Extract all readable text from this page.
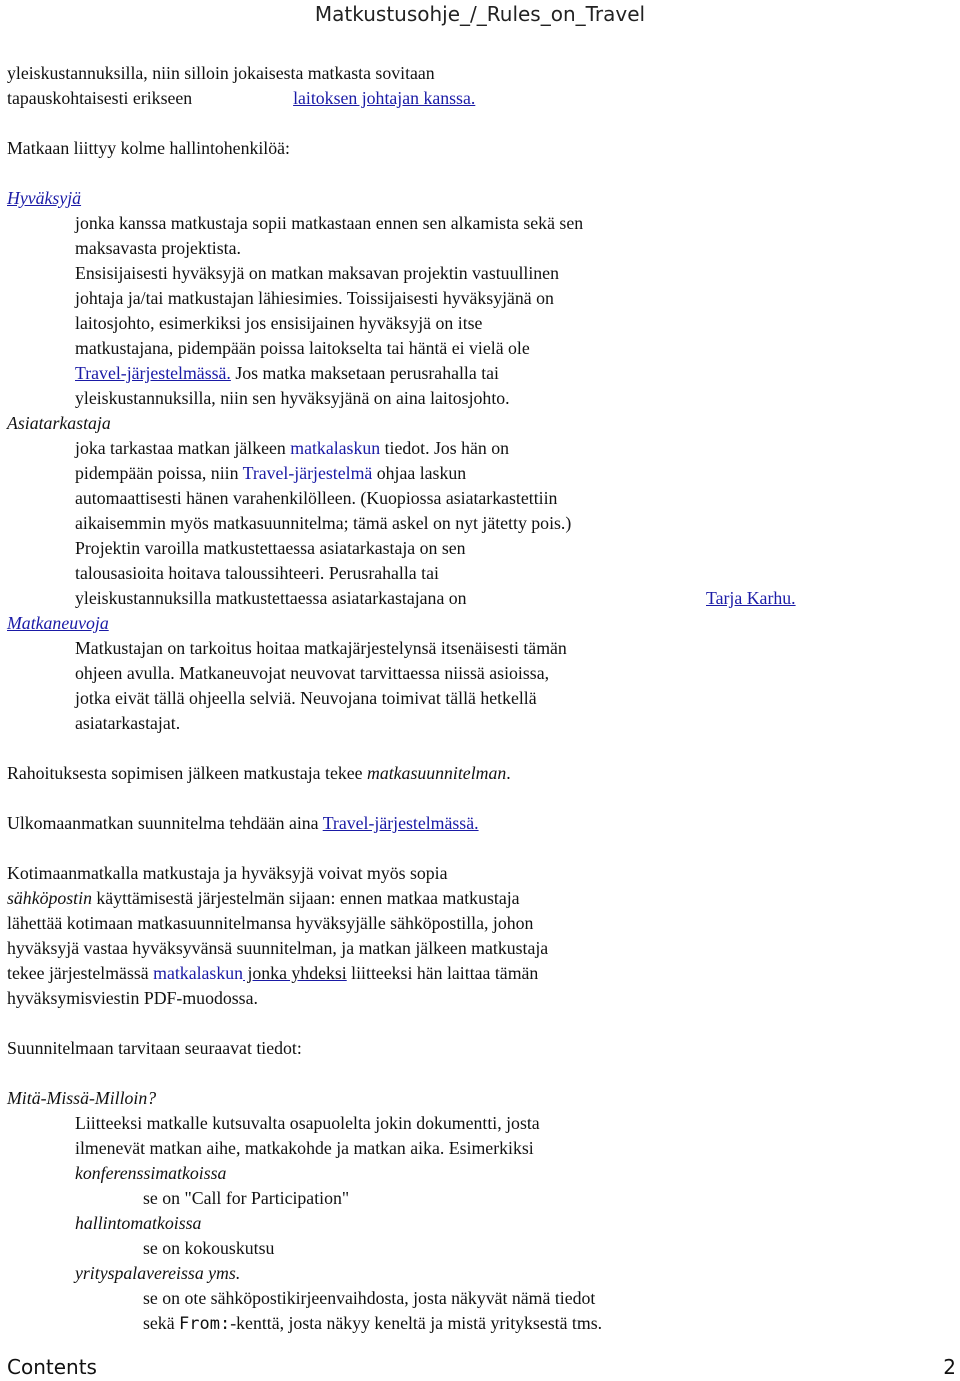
Matkustusohje_/_Rules_on_Travel

yleiskustannuksilla, niin silloin jokaisesta matkasta sovitaan
tapauskohtaisesti erikseen	laitoksen johtajan kanssa.

Matkaan liittyy kolme hallintohenkilöä:

Hyväksyjä

jonka kanssa matkustaja sopii matkastaan ennen sen alkamista sekä sen

maksavasta projektista.

Ensisijaisesti hyväksyjä on matkan maksavan projektin vastuullinen

johtaja ja/tai matkustajan lähiesimies. Toissijaisesti hyväksyjänä on

laitosjohto, esimerkiksi jos ensisijainen hyväksyjä on itse

matkustajana, pidempään poissa laitokselta tai häntä ei vielä ole

Travel-järjestelmässä. Jos matka maksetaan perusrahalla tai

yleiskustannuksilla, niin sen hyväksyjänä on aina laitosjohto.

Asiatarkastaja

joka tarkastaa matkan jälkeen matkalaskun tiedot. Jos hän on

pidempään poissa, niin Travel-järjestelmä ohjaa laskun

automaattisesti hänen varahenkilölleen. (Kuopiossa asiatarkastettiin

aikaisemmin myös matkasuunnitelma; tämä askel on nyt jätetty pois.)

Projektin varoilla matkustettaessa asiatarkastaja on sen

talousasioita hoitava taloussihteeri. Perusrahalla tai

yleiskustannuksilla matkustettaessa asiatarkastajana on	Tarja Karhu.

Matkaneuvoja

Matkustajan on tarkoitus hoitaa matkajärjestelynsä itsenäisesti tämän

ohjeen avulla. Matkaneuvojat neuvovat tarvittaessa niissä asioissa,

jotka eivät tällä ohjeella selviä. Neuvojana toimivat tällä hetkellä

asiatarkastajat.

Rahoituksesta sopimisen jälkeen matkustaja tekee matkasuunnitelman.

Ulkomaanmatkan suunnitelma tehdään aina Travel-järjestelmässä.

Kotimaanmatkalla matkustaja ja hyväksyjä voivat myös sopia

sähköpostin käyttämisestä järjestelmän sijaan: ennen matkaa matkustaja

lähettää kotimaan matkasuunnitelmansa hyväksyjälle sähköpostilla, johon

hyväksyjä vastaa hyväksyvänsä suunnitelman, ja matkan jälkeen matkustaja

tekee järjestelmässä matkalaskun jonka yhdeksi liitteeksi hän laittaa tämän

hyväksymisviestin PDF-muodossa.

Suunnitelmaan tarvitaan seuraavat tiedot:

Mitä-Missä-Milloin?

Liitteeksi matkalle kutsuvalta osapuolelta jokin dokumentti, josta

ilmenevät matkan aihe, matkakohde ja matkan aika. Esimerkiksi

konferenssimatkoissa

se on "Call for Participation"

hallintomatkoissa

se on kokouskutsu

yrityspalavereissa yms.

se on ote sähköpostikirjeenvaihdosta, josta näkyvät nämä tiedot

sekä From:-kenttä, josta näkyy keneltä ja mistä yrityksestä tms.

Contents	2
